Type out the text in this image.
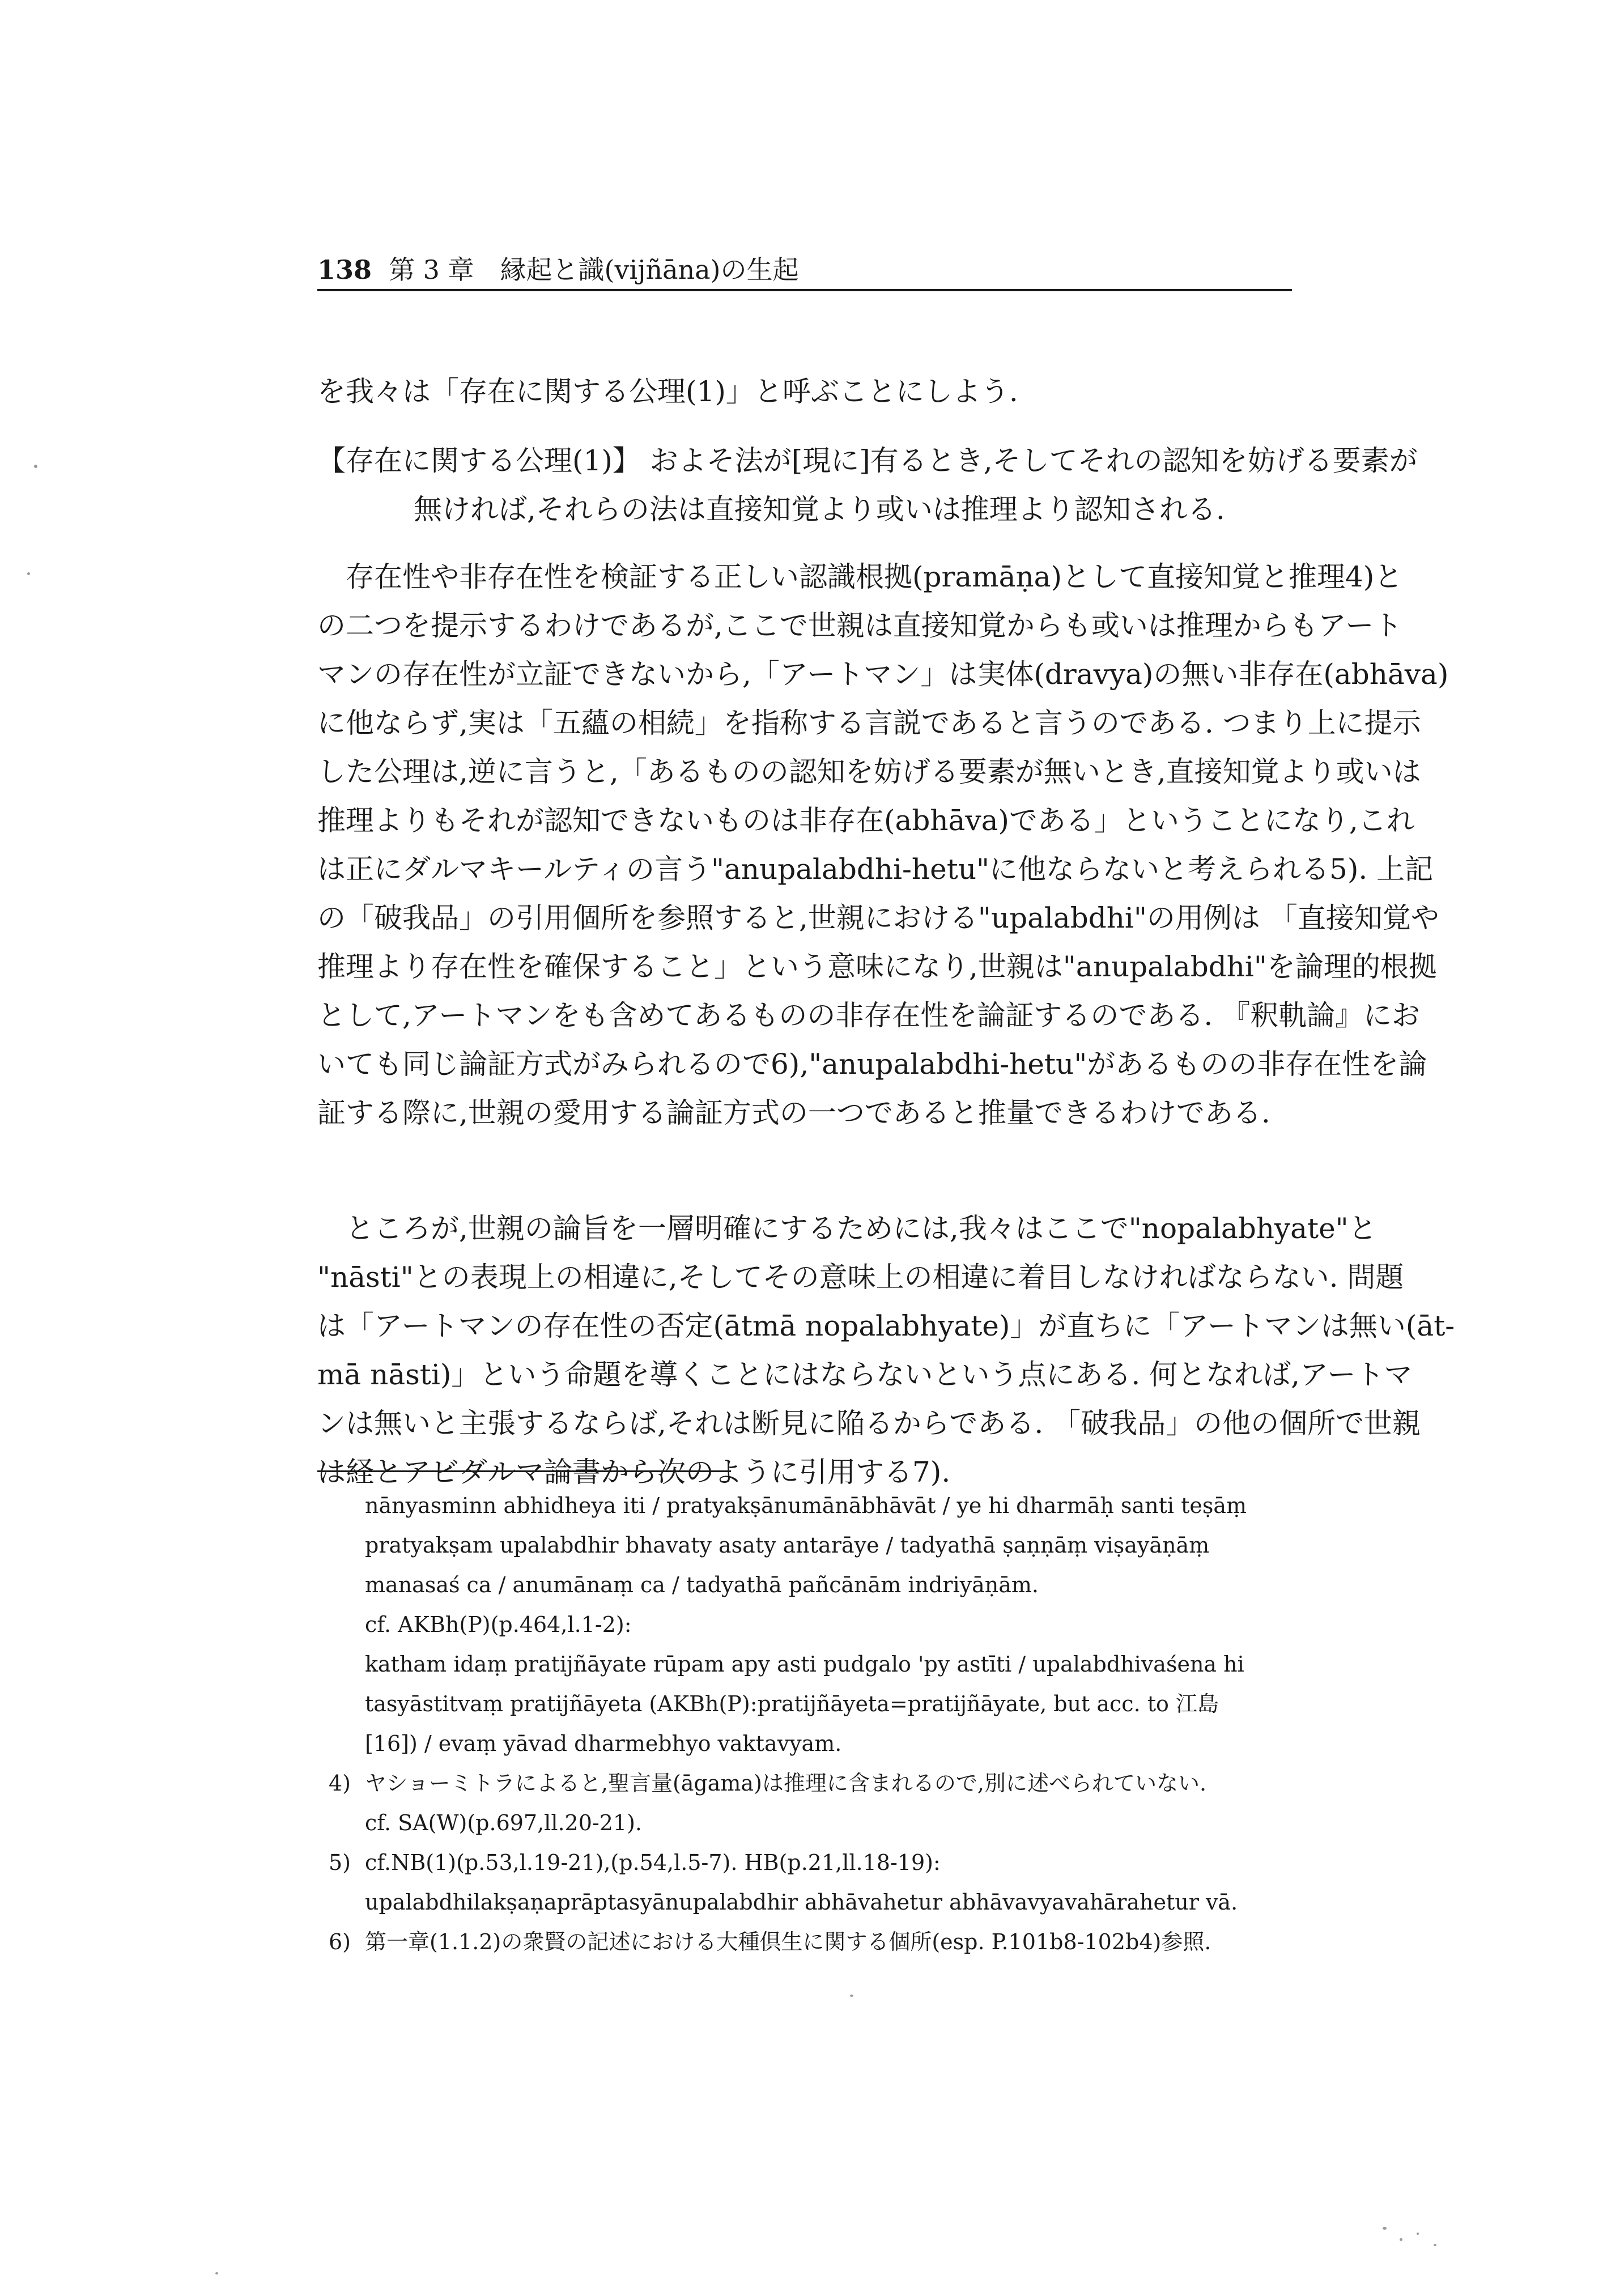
138 第 3 章　縁起と識(vijñāna)の生起
を我々は「存在に関する公理(1)」と呼ぶことにしよう.
【存在に関する公理(1)】 およそ法が[現に]有るとき,そしてそれの認知を妨げる要素が
無ければ,それらの法は直接知覚より或いは推理より認知される.
存在性や非存在性を検証する正しい認識根拠(pramāṇa)として直接知覚と推理4)と
の二つを提示するわけであるが,ここで世親は直接知覚からも或いは推理からもアート
マンの存在性が立証できないから,「アートマン」は実体(dravya)の無い非存在(abhāva)
に他ならず,実は「五蘊の相続」を指称する言説であると言うのである. つまり上に提示
した公理は,逆に言うと,「あるものの認知を妨げる要素が無いとき,直接知覚より或いは
推理よりもそれが認知できないものは非存在(abhāva)である」ということになり,これ
は正にダルマキールティの言う"anupalabdhi-hetu"に他ならないと考えられる5). 上記
の「破我品」の引用個所を参照すると,世親における"upalabdhi"の用例は 「直接知覚や
推理より存在性を確保すること」という意味になり,世親は"anupalabdhi"を論理的根拠
として,アートマンをも含めてあるものの非存在性を論証するのである. 『釈軌論』にお
いても同じ論証方式がみられるので6),"anupalabdhi-hetu"があるものの非存在性を論
証する際に,世親の愛用する論証方式の一つであると推量できるわけである.
ところが,世親の論旨を一層明確にするためには,我々はここで"nopalabhyate"と
"nāsti"との表現上の相違に,そしてその意味上の相違に着目しなければならない. 問題
は「アートマンの存在性の否定(ātmā nopalabhyate)」が直ちに「アートマンは無い(āt-
mā nāsti)」という命題を導くことにはならないという点にある. 何となれば,アートマ
ンは無いと主張するならば,それは断見に陥るからである. 「破我品」の他の個所で世親
は経とアビダルマ論書から次のように引用する7).
nānyasminn abhidheya iti / pratyakṣānumānābhāvāt / ye hi dharmāḥ santi teṣāṃ
pratyakṣam upalabdhir bhavaty asaty antarāye / tadyathā ṣaṇṇāṃ viṣayāṇāṃ
manasaś ca / anumānaṃ ca / tadyathā pañcānām indriyāṇām.
cf. AKBh(P)(p.464,l.1-2):
katham idaṃ pratijñāyate rūpam apy asti pudgalo 'py astīti / upalabdhivaśena hi
tasyāstitvaṃ pratijñāyeta (AKBh(P):pratijñāyeta=pratijñāyate, but acc. to 江島
[16]) / evaṃ yāvad dharmebhyo vaktavyam.
4) ヤショーミトラによると,聖言量(āgama)は推理に含まれるので,別に述べられていない.
cf. SA(W)(p.697,ll.20-21).
5) cf.NB(1)(p.53,l.19-21),(p.54,l.5-7). HB(p.21,ll.18-19):
upalabdhilakṣaṇaprāptasyānupalabdhir abhāvahetur abhāvavyavahārahetur vā.
6) 第一章(1.1.2)の衆賢の記述における大種倶生に関する個所(esp. P.101b8-102b4)参照.
